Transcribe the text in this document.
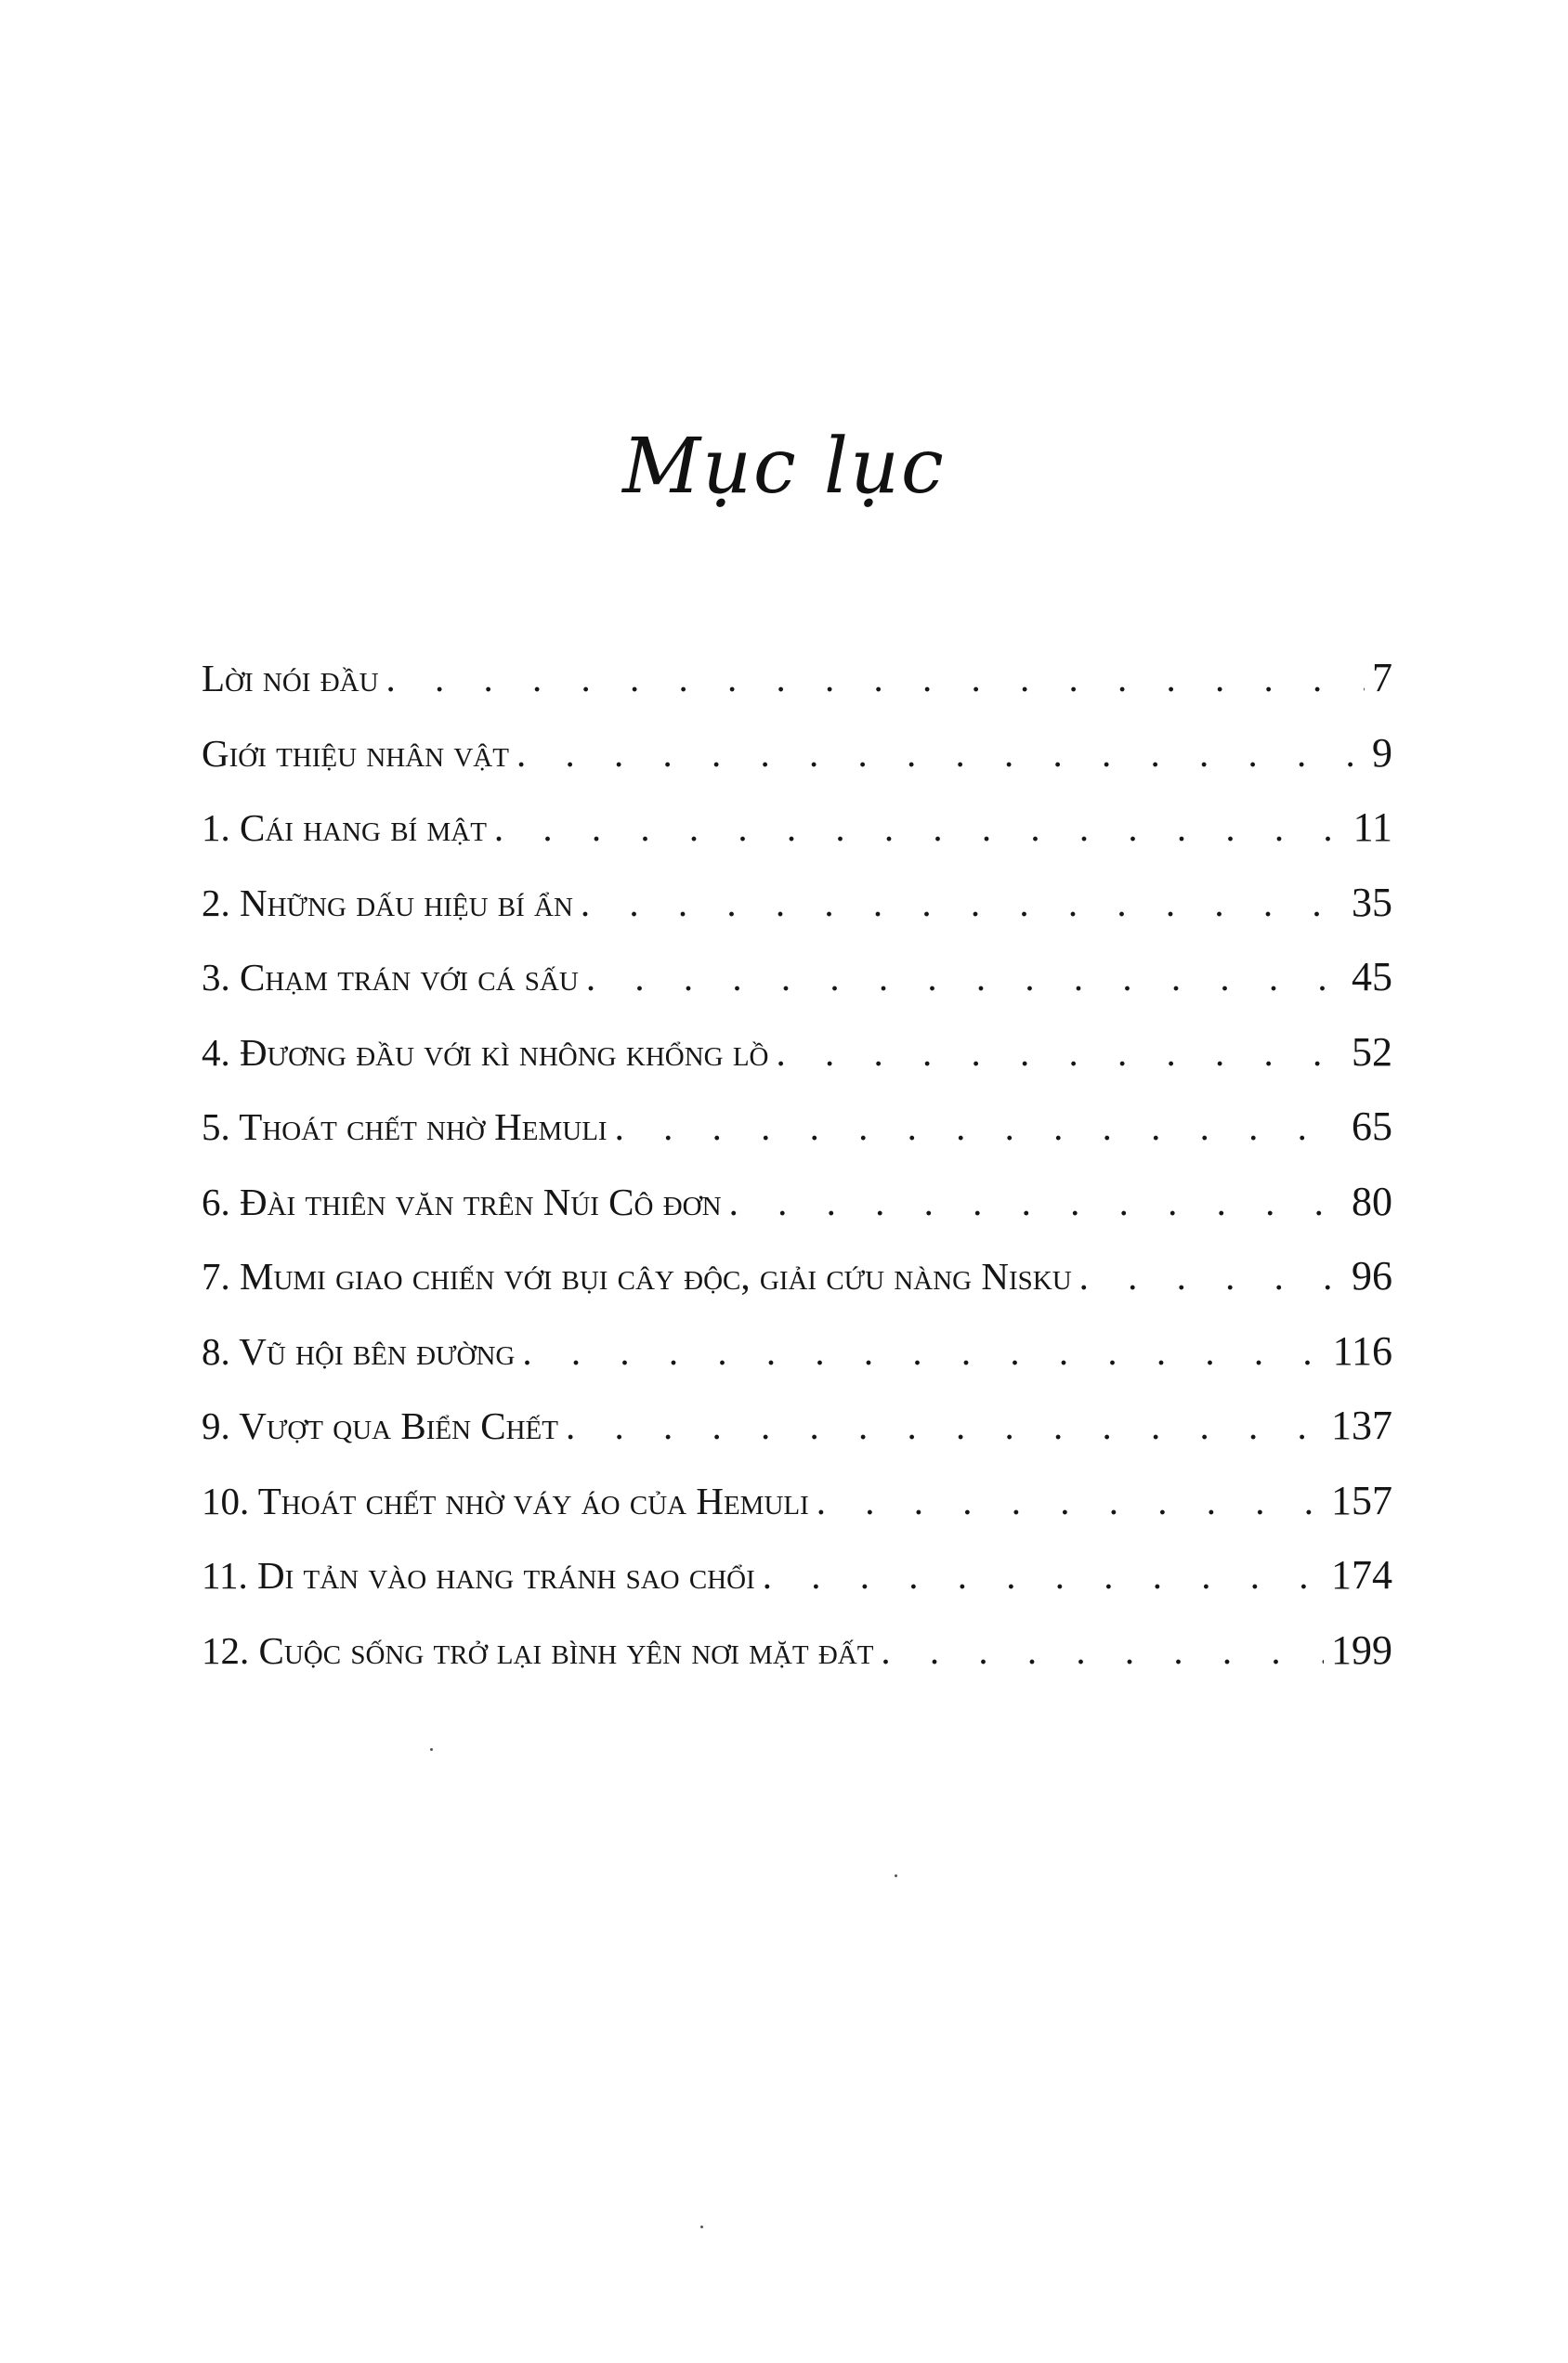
Mục lục
Lời nói đầu . . .	7
Giới thiệu nhân vật . . .	9
1. Cái hang bí mật . . .	11
2. Những dấu hiệu bí ẩn . . .	35
3. Chạm trán với cá sấu . . .	45
4. Đương đầu với kì nhông khổng lồ . . .	52
5. Thoát chết nhờ Hemuli . . .	65
6. Đài thiên văn trên Núi Cô đơn . . .	80
7. Mumi giao chiến với bụi cây độc, giải cứu nàng Nisku . . .	96
8. Vũ hội bên đường . . .	116
9. Vượt qua Biển Chết . . .	137
10. Thoát chết nhờ váy áo của Hemuli . . .	157
11. Di tản vào hang tránh sao chổi . . .	174
12. Cuộc sống trở lại bình yên nơi mặt đất . . .	199
